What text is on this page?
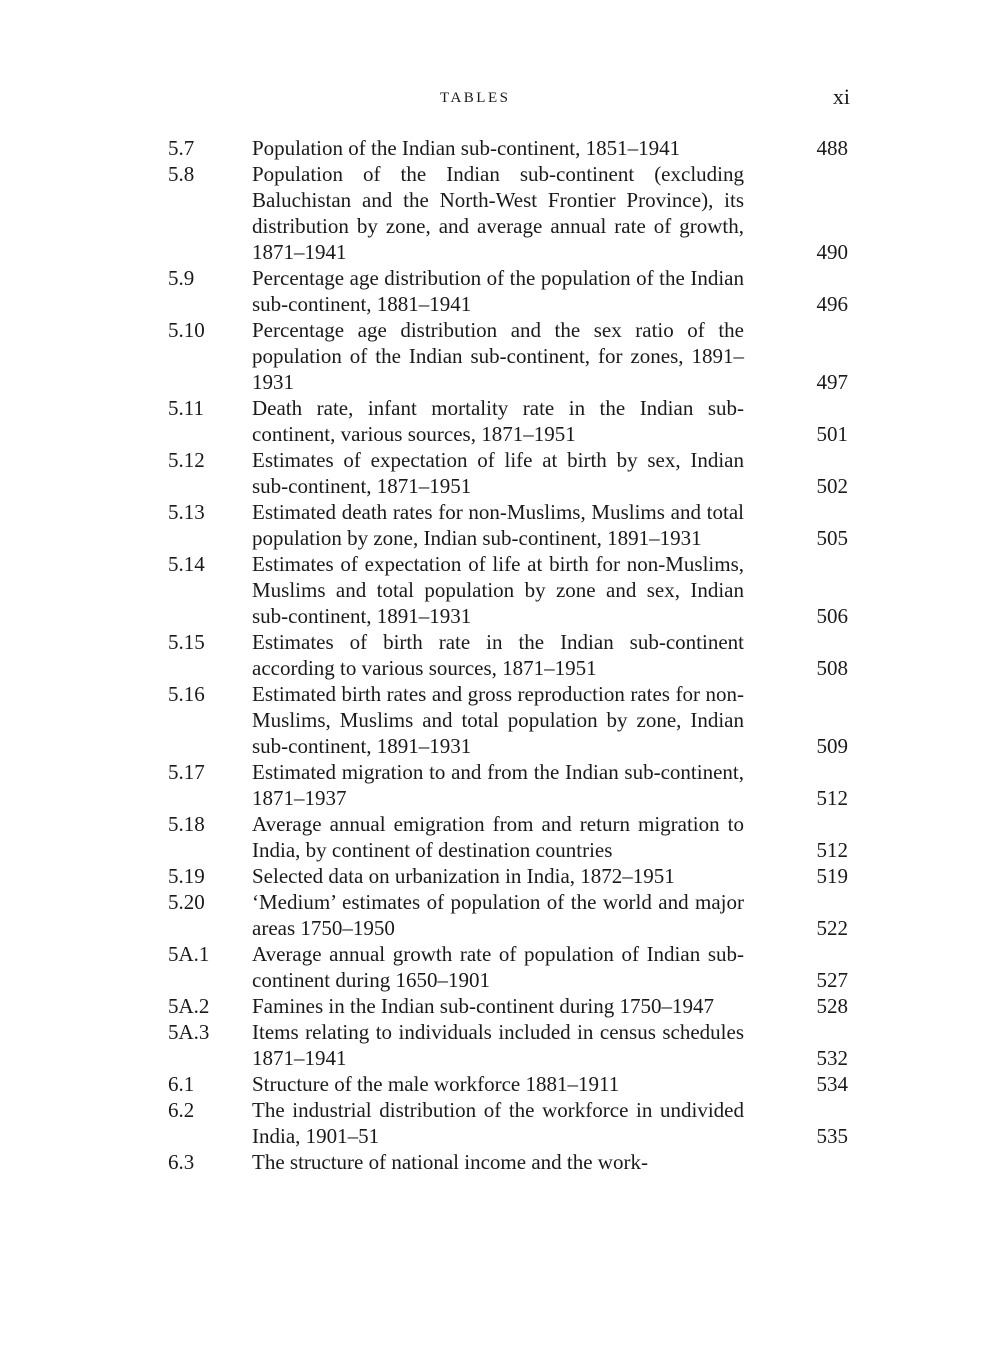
TABLES	xi
5.7	Population of the Indian sub-continent, 1851–1941	488
5.8	Population of the Indian sub-continent (excluding Baluchistan and the North-West Frontier Province), its distribution by zone, and average annual rate of growth, 1871–1941	490
5.9	Percentage age distribution of the population of the Indian sub-continent, 1881–1941	496
5.10	Percentage age distribution and the sex ratio of the population of the Indian sub-continent, for zones, 1891–1931	497
5.11	Death rate, infant mortality rate in the Indian sub-continent, various sources, 1871–1951	501
5.12	Estimates of expectation of life at birth by sex, Indian sub-continent, 1871–1951	502
5.13	Estimated death rates for non-Muslims, Muslims and total population by zone, Indian sub-continent, 1891–1931	505
5.14	Estimates of expectation of life at birth for non-Muslims, Muslims and total population by zone and sex, Indian sub-continent, 1891–1931	506
5.15	Estimates of birth rate in the Indian sub-continent according to various sources, 1871–1951	508
5.16	Estimated birth rates and gross reproduction rates for non-Muslims, Muslims and total population by zone, Indian sub-continent, 1891–1931	509
5.17	Estimated migration to and from the Indian sub-continent, 1871–1937	512
5.18	Average annual emigration from and return migration to India, by continent of destination countries	512
5.19	Selected data on urbanization in India, 1872–1951	519
5.20	‘Medium’ estimates of population of the world and major areas 1750–1950	522
5A.1	Average annual growth rate of population of Indian sub-continent during 1650–1901	527
5A.2	Famines in the Indian sub-continent during 1750–1947	528
5A.3	Items relating to individuals included in census schedules 1871–1941	532
6.1	Structure of the male workforce 1881–1911	534
6.2	The industrial distribution of the workforce in undivided India, 1901–51	535
6.3	The structure of national income and the work-
